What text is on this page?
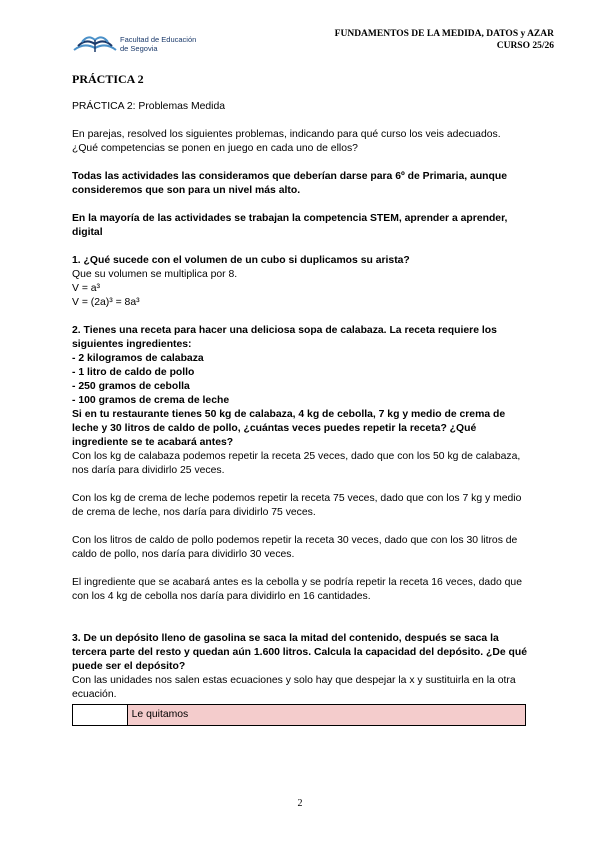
Facultad de Educación
de Segovia
FUNDAMENTOS DE LA MEDIDA, DATOS y AZAR
CURSO 25/26
PRÁCTICA 2

PRÁCTICA 2: Problemas Medida

En parejas, resolved los siguientes problemas, indicando para qué curso los veis adecuados. ¿Qué competencias se ponen en juego en cada uno de ellos?

Todas las actividades las consideramos que deberían darse para 6º de Primaria, aunque consideremos que son para un nivel más alto.

En la mayoría de las actividades se trabajan la competencia STEM, aprender a aprender, digital

1. ¿Qué sucede con el volumen de un cubo si duplicamos su arista?

Que su volumen se multiplica por 8.

V = a³

V = (2a)³ = 8a³

2. Tienes una receta para hacer una deliciosa sopa de calabaza. La receta requiere los siguientes ingredientes:

- 2 kilogramos de calabaza

- 1 litro de caldo de pollo

- 250 gramos de cebolla

- 100 gramos de crema de leche

Si en tu restaurante tienes 50 kg de calabaza, 4 kg de cebolla, 7 kg y medio de crema de leche y 30 litros de caldo de pollo, ¿cuántas veces puedes repetir la receta? ¿Qué ingrediente se te acabará antes?

Con los kg de calabaza podemos repetir la receta 25 veces, dado que con los 50 kg de calabaza, nos daría para dividirlo 25 veces.

Con los kg de crema de leche podemos repetir la receta 75 veces, dado que con los 7 kg y medio de crema de leche, nos daría para dividirlo 75 veces.

Con los litros de caldo de pollo podemos repetir la receta 30 veces, dado que con los 30 litros de caldo de pollo, nos daría para dividirlo 30 veces.

El ingrediente que se acabará antes es la cebolla y se podría repetir la receta 16 veces, dado que con los 4 kg de cebolla nos daría para dividirlo en 16 cantidades.

3. De un depósito lleno de gasolina se saca la mitad del contenido, después se saca la tercera parte del resto y quedan aún 1.600 litros. Calcula la capacidad del depósito. ¿De qué puede ser el depósito?

Con las unidades nos salen estas ecuaciones y solo hay que despejar la x y sustituirla en la otra ecuación.

	Le quitamos
2
